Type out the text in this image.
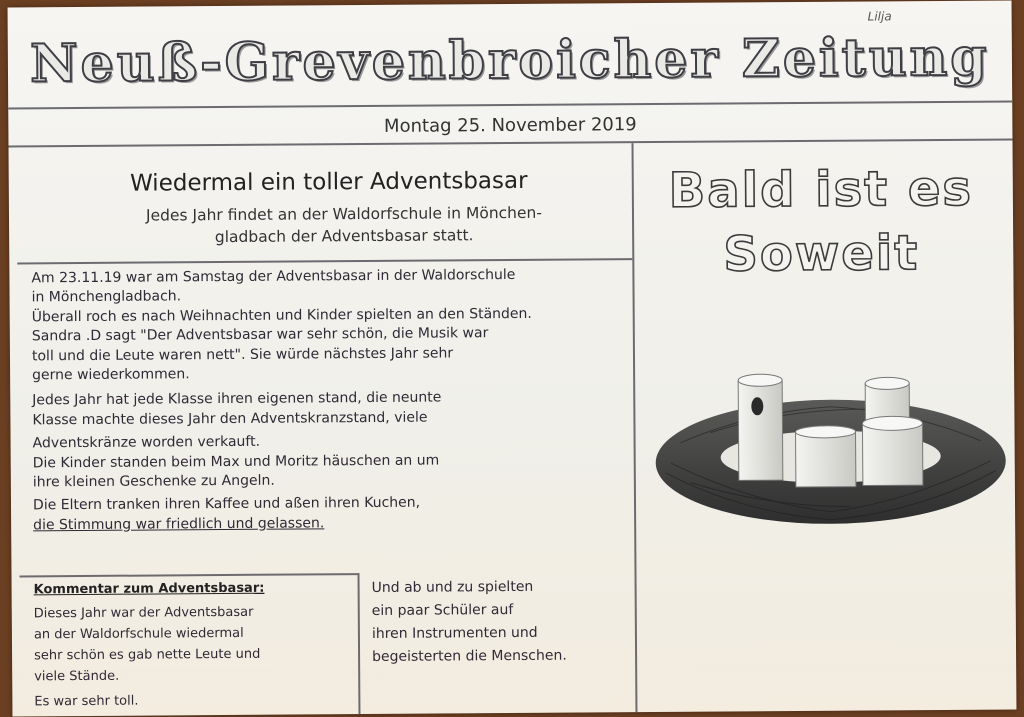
Lilja
Neuß-Grevenbroicher Zeitung
Montag 25. November 2019
Wiedermal ein toller Adventsbasar
Jedes Jahr findet an der Waldorfschule in Mönchen-
gladbach der Adventsbasar statt.

Am 23.11.19 war am Samstag der Adventsbasar in der Waldorschule

in Mönchengladbach.

Überall roch es nach Weihnachten und Kinder spielten an den Ständen.

Sandra .D sagt "Der Adventsbasar war sehr schön, die Musik war

toll und die Leute waren nett". Sie würde nächstes Jahr sehr

gerne wiederkommen.

Jedes Jahr hat jede Klasse ihren eigenen stand, die neunte

Klasse machte dieses Jahr den Adventskranzstand, viele

Adventskränze worden verkauft.

Die Kinder standen beim Max und Moritz häuschen an um

ihre kleinen Geschenke zu Angeln.

Die Eltern tranken ihren Kaffee und aßen ihren Kuchen,

die Stimmung war friedlich und gelassen.

Kommentar zum Adventsbasar:

Dieses Jahr war der Adventsbasar

an der Waldorfschule wiedermal

sehr schön es gab nette Leute und

viele Stände.

Es war sehr toll.

Und ab und zu spielten

ein paar Schüler auf

ihren Instrumenten und

begeisterten die Menschen.

Bald ist es
Soweit
